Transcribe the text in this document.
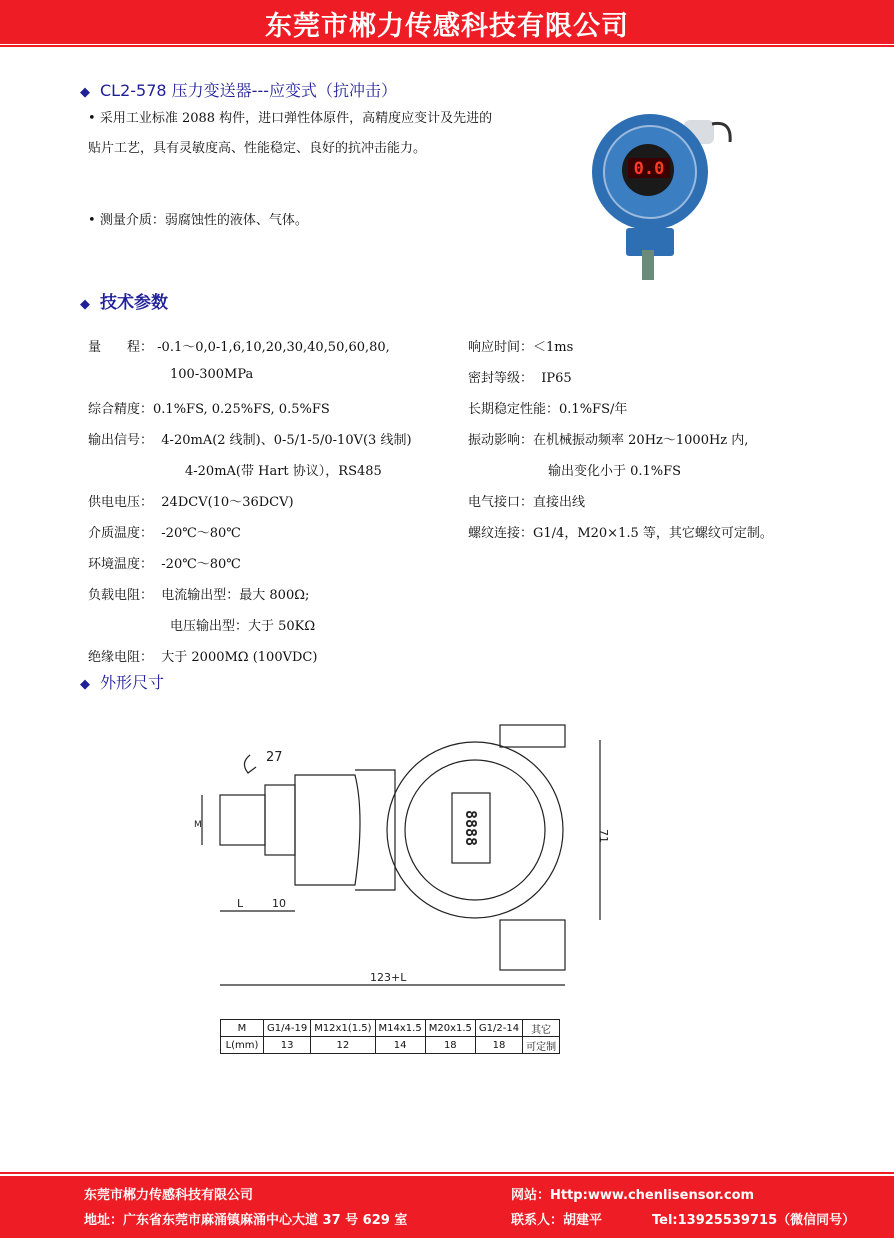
东莞市郴力传感科技有限公司
◆ CL2-578 压力变送器---应变式（抗冲击）
• 采用工业标准 2088 构件，进口弹性体原件，高精度应变计及先进的贴片工艺，具有灵敏度高、性能稳定、良好的抗冲击能力。
• 测量介质：弱腐蚀性的液体、气体。
0.0
◆ 技术参数
量　　程： -0.1～0,0-1,6,10,20,30,40,50,60,80,
100-300MPa
综合精度：0.1%FS, 0.25%FS, 0.5%FS
输出信号： 4-20mA(2 线制)、0-5/1-5/0-10V(3 线制)
4-20mA(带 Hart 协议），RS485
供电电压： 24DCV(10～36DCV)
介质温度： -20℃～80℃
环境温度： -20℃～80℃
负载电阻： 电流输出型：最大 800Ω;
电压输出型：大于 50KΩ
绝缘电阻： 大于 2000MΩ (100VDC)
响应时间：＜1ms
密封等级： IP65
长期稳定性能：0.1%FS/年
振动影响：在机械振动频率 20Hz～1000Hz 内,
输出变化小于 0.1%FS
电气接口：直接出线
螺纹连接：G1/4，M20×1.5 等，其它螺纹可定制。
◆ 外形尺寸
27
8888
M
L	10
71
123+L
M	G1/4-19	M12x1(1.5)	M14x1.5	M20x1.5	G1/2-14	其它
L(mm)	13	12	14	18	18	可定制
东莞市郴力传感科技有限公司	网站：Http:www.chenlisensor.com
地址：广东省东莞市麻涌镇麻涌中心大道 37 号 629 室	联系人：胡建平	Tel:13925539715（微信同号）
